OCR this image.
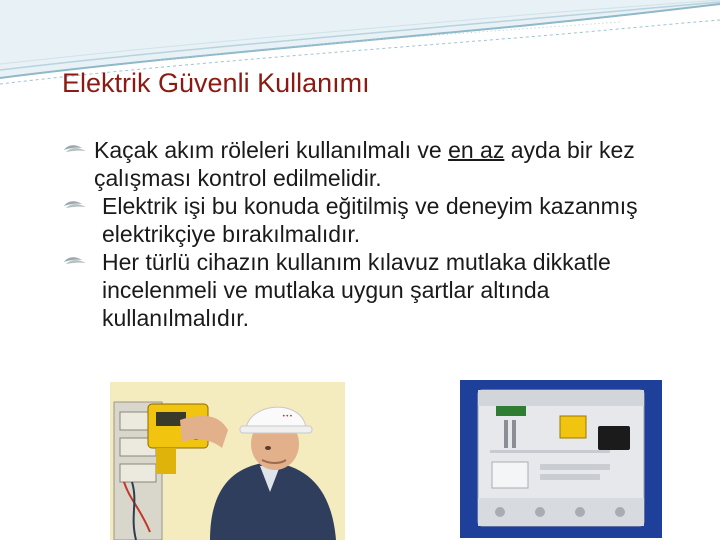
Elektrik Güvenli Kullanımı
Kaçak akım röleleri kullanılmalı ve en az ayda bir kez çalışması kontrol edilmelidir.
Elektrik işi bu konuda eğitilmiş ve deneyim kazanmış elektrikçiye bırakılmalıdır.
Her türlü cihazın kullanım kılavuz mutlaka dikkatle incelenmeli ve mutlaka uygun şartlar altında kullanılmalıdır.
•••
